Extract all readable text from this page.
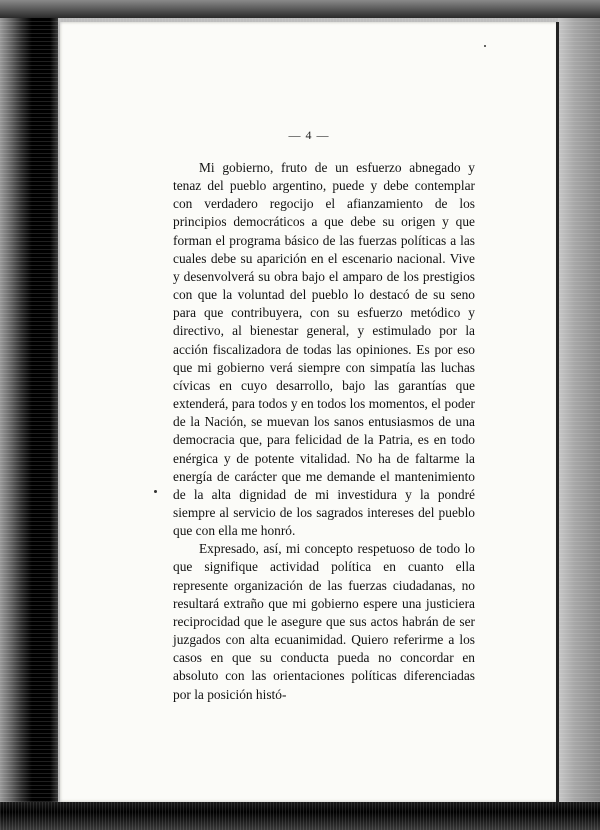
— 4 —

Mi gobierno, fruto de un esfuerzo abnegado y tenaz del pueblo argentino, puede y debe contemplar con verdadero regocijo el afianzamiento de los principios democráticos a que debe su origen y que forman el programa básico de las fuerzas políticas a las cuales debe su aparición en el escenario nacional. Vive y desenvolverá su obra bajo el amparo de los prestigios con que la voluntad del pueblo lo destacó de su seno para que contribuyera, con su esfuerzo metódico y directivo, al bienestar general, y estimulado por la acción fiscalizadora de todas las opiniones. Es por eso que mi gobierno verá siempre con simpatía las luchas cívicas en cuyo desarrollo, bajo las garantías que extenderá, para todos y en todos los momentos, el poder de la Nación, se muevan los sanos entusiasmos de una democracia que, para felicidad de la Patria, es en todo enérgica y de potente vitalidad. No ha de faltarme la energía de carácter que me demande el mantenimiento de la alta dignidad de mi investidura y la pondré siempre al servicio de los sagrados intereses del pueblo que con ella me honró.

Expresado, así, mi concepto respetuoso de todo lo que signifique actividad política en cuanto ella represente organización de las fuerzas ciudadanas, no resultará extraño que mi gobierno espere una justiciera reciprocidad que le asegure que sus actos habrán de ser juzgados con alta ecuanimidad. Quiero referirme a los casos en que su conducta pueda no concordar en absoluto con las orientaciones políticas diferenciadas por la posición histó-
